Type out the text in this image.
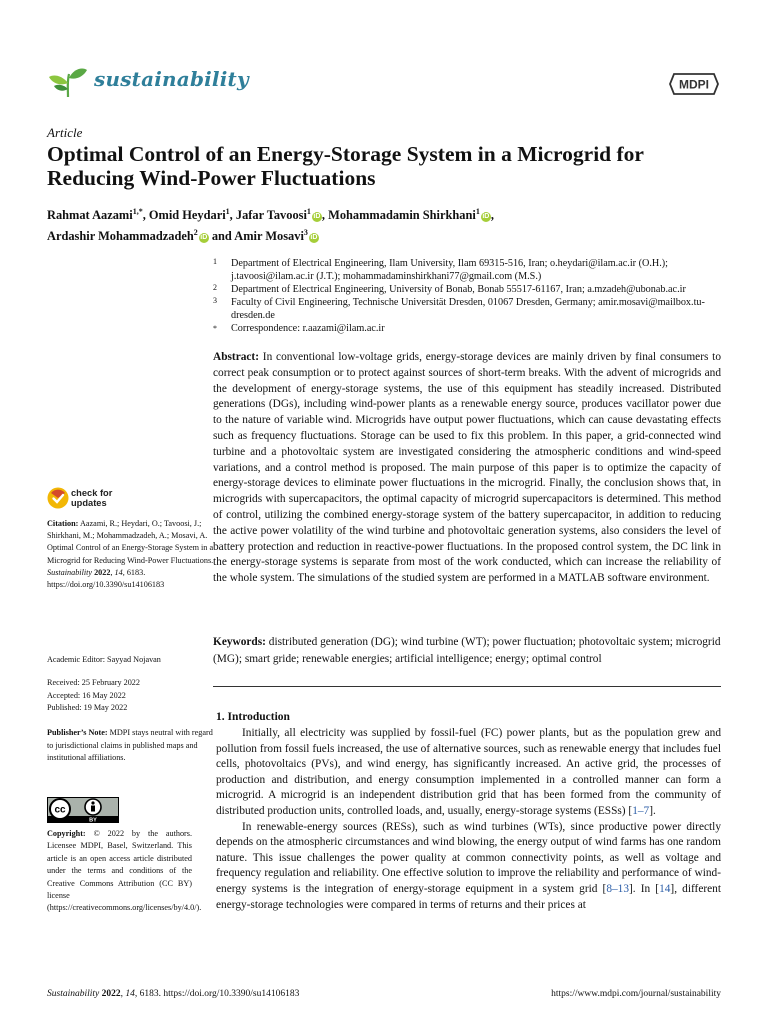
sustainability	MDPI
Article
Optimal Control of an Energy-Storage System in a Microgrid for Reducing Wind-Power Fluctuations
Rahmat Aazami$^{1,*}$, Omid Heydari$^1$, Jafar Tavoosi$^1$iD , Mohammadamin Shirkhani$^1$iD ,
Ardashir Mohammadzadeh$^2$iD and Amir Mosavi$^3$iD
1 Department of Electrical Engineering, Ilam University, Ilam 69315-516, Iran; o.heydari@ilam.ac.ir (O.H.); j.tavoosi@ilam.ac.ir (J.T.); mohammadaminshirkhani77@gmail.com (M.S.)
2 Department of Electrical Engineering, University of Bonab, Bonab 55517-61167, Iran; a.mzadeh@ubonab.ac.ir
3 Faculty of Civil Engineering, Technische Universität Dresden, 01067 Dresden, Germany; amir.mosavi@mailbox.tu-dresden.de
* Correspondence: r.aazami@ilam.ac.ir
Abstract: In conventional low-voltage grids, energy-storage devices are mainly driven by final consumers to correct peak consumption or to protect against sources of short-term breaks. With the advent of microgrids and the development of energy-storage systems, the use of this equipment has steadily increased. Distributed generations (DGs), including wind-power plants as a renewable energy source, produces vacillator power due to the nature of variable wind. Microgrids have output power fluctuations, which can cause devastating effects such as frequency fluctuations. Storage can be used to fix this problem. In this paper, a grid-connected wind turbine and a photovoltaic system are investigated considering the atmospheric conditions and wind-speed variations, and a control method is proposed. The main purpose of this paper is to optimize the capacity of energy-storage devices to eliminate power fluctuations in the microgrid. Finally, the conclusion shows that, in microgrids with supercapacitors, the optimal capacity of microgrid supercapacitors is determined. This method of control, utilizing the combined energy-storage system of the battery supercapacitor, in addition to reducing the active power volatility of the wind turbine and photovoltaic generation systems, also considers the level of battery protection and reduction in reactive-power fluctuations. In the proposed control system, the DC link in the energy-storage systems is separate from most of the work conducted, which can increase the reliability of the whole system. The simulations of the studied system are performed in a MATLAB software environment.
Keywords: distributed generation (DG); wind turbine (WT); power fluctuation; photovoltaic system; microgrid (MG); smart gride; renewable energies; artificial intelligence; energy; optimal control
1. Introduction

Initially, all electricity was supplied by fossil-fuel (FC) power plants, but as the population grew and pollution from fossil fuels increased, the use of alternative sources, such as renewable energy that includes fuel cells, photovoltaics (PVs), and wind energy, has significantly increased. An active grid, the processes of production and distribution, and energy consumption implemented in a controlled manner can form a microgrid. A microgrid is an independent distribution grid that has been formed from the community of distributed production units, controlled loads, and, usually, energy-storage systems (ESSs) [1–7].

In renewable-energy sources (RESs), such as wind turbines (WTs), since productive power directly depends on the atmospheric circumstances and wind blowing, the energy output of wind farms has one random nature. This issue challenges the power quality at common connectivity points, as well as voltage and frequency regulation and reliability. One effective solution to improve the reliability and performance of wind-energy systems is the integration of energy-storage equipment in a system grid [8–13]. In [14], different energy-storage technologies were compared in terms of returns and their prices at

check for
updates
Citation: Aazami, R.; Heydari, O.; Tavoosi, J.; Shirkhani, M.; Mohammadzadeh, A.; Mosavi, A. Optimal Control of an Energy-Storage System in a Microgrid for Reducing Wind-Power Fluctuations. Sustainability 2022, 14, 6183. https://doi.org/10.3390/su14106183
Academic Editor: Sayyad Nojavan
Received: 25 February 2022
Accepted: 16 May 2022
Published: 19 May 2022
Publisher’s Note: MDPI stays neutral with regard to jurisdictional claims in published maps and institutional affiliations.
cc
BY
Copyright: © 2022 by the authors. Licensee MDPI, Basel, Switzerland. This article is an open access article distributed under the terms and conditions of the Creative Commons Attribution (CC BY) license (https://creativecommons.org/licenses/by/4.0/).
Sustainability 2022, 14, 6183. https://doi.org/10.3390/su14106183	https://www.mdpi.com/journal/sustainability
